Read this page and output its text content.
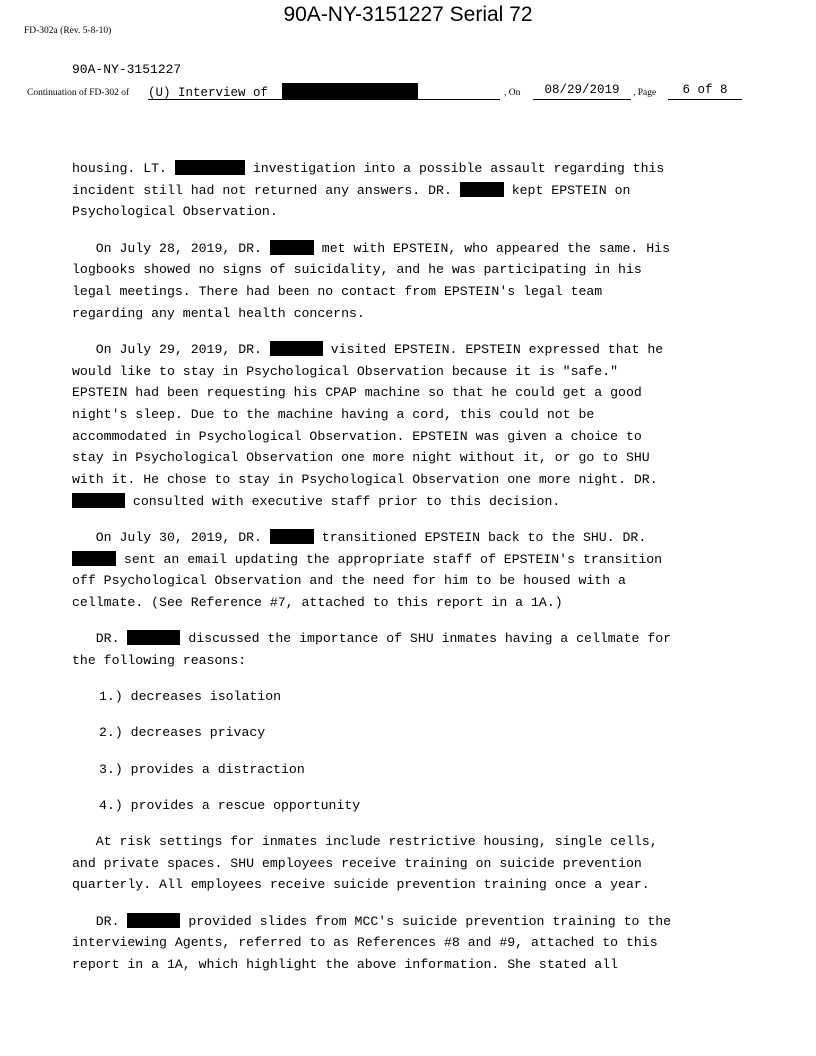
90A-NY-3151227 Serial 72
FD-302a (Rev. 5-8-10)
90A-NY-3151227
Continuation of FD-302 of (U) Interview of	, On	08/29/2019	, Page	6 of 8
housing. LT.	investigation into a possible assault regarding this
incident still had not returned any answers. DR.	kept EPSTEIN on
Psychological Observation.
On July 28, 2019, DR.	met with EPSTEIN, who appeared the same. His
logbooks showed no signs of suicidality, and he was participating in his
legal meetings. There had been no contact from EPSTEIN's legal team
regarding any mental health concerns.
On July 29, 2019, DR.	visited EPSTEIN. EPSTEIN expressed that he
would like to stay in Psychological Observation because it is "safe."
EPSTEIN had been requesting his CPAP machine so that he could get a good
night's sleep. Due to the machine having a cord, this could not be
accommodated in Psychological Observation. EPSTEIN was given a choice to
stay in Psychological Observation one more night without it, or go to SHU
with it. He chose to stay in Psychological Observation one more night. DR.
consulted with executive staff prior to this decision.
On July 30, 2019, DR.	transitioned EPSTEIN back to the SHU. DR.
sent an email updating the appropriate staff of EPSTEIN's transition
off Psychological Observation and the need for him to be housed with a
cellmate. (See Reference #7, attached to this report in a 1A.)
DR.	discussed the importance of SHU inmates having a cellmate for
the following reasons:
1.) decreases isolation
2.) decreases privacy
3.) provides a distraction
4.) provides a rescue opportunity
At risk settings for inmates include restrictive housing, single cells,
and private spaces. SHU employees receive training on suicide prevention
quarterly. All employees receive suicide prevention training once a year.
DR.	provided slides from MCC's suicide prevention training to the
interviewing Agents, referred to as References #8 and #9, attached to this
report in a 1A, which highlight the above information. She stated all
